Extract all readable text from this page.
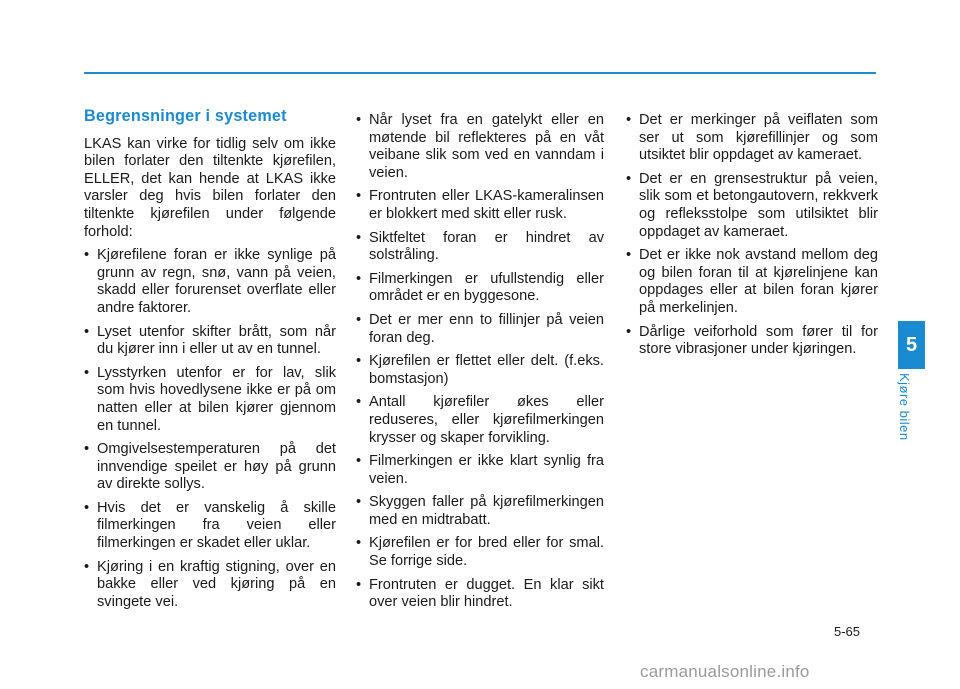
Begrensninger i systemet

LKAS kan virke for tidlig selv om ikke bilen forlater den tiltenkte kjørefilen, ELLER, det kan hende at LKAS ikke varsler deg hvis bilen forlater den tiltenkte kjørefilen under følgende forhold:

• Kjørefilene foran er ikke synlige på grunn av regn, snø, vann på veien, skadd eller forurenset overflate eller andre faktorer.
• Lyset utenfor skifter brått, som når du kjører inn i eller ut av en tunnel.
• Lysstyrken utenfor er for lav, slik som hvis hovedlysene ikke er på om natten eller at bilen kjører gjennom en tunnel.
• Omgivelsestemperaturen på det innvendige speilet er høy på grunn av direkte sollys.
• Hvis det er vanskelig å skille filmerkingen fra veien eller filmerkingen er skadet eller uklar.
• Kjøring i en kraftig stigning, over en bakke eller ved kjøring på en svingete vei.
• Når lyset fra en gatelykt eller en møtende bil reflekteres på en våt veibane slik som ved en vanndam i veien.
• Frontruten eller LKAS-kameralinsen er blokkert med skitt eller rusk.
• Siktfeltet foran er hindret av solstråling.
• Filmerkingen er ufullstendig eller området er en byggesone.
• Det er mer enn to fillinjer på veien foran deg.
• Kjørefilen er flettet eller delt. (f.eks. bomstasjon)
• Antall kjørefiler økes eller reduseres, eller kjørefilmerkingen krysser og skaper forvikling.
• Filmerkingen er ikke klart synlig fra veien.
• Skyggen faller på kjørefilmerkingen med en midtrabatt.
• Kjørefilen er for bred eller for smal. Se forrige side.
• Frontruten er dugget. En klar sikt over veien blir hindret.
• Det er merkinger på veiflaten som ser ut som kjørefillinjer og som utsiktet blir oppdaget av kameraet.
• Det er en grensestruktur på veien, slik som et betongautovern, rekkverk og refleksstolpe som utilsiktet blir oppdaget av kameraet.
• Det er ikke nok avstand mellom deg og bilen foran til at kjørelinjene kan oppdages eller at bilen foran kjører på merkelinjen.
• Dårlige veiforhold som fører til for store vibrasjoner under kjøringen.	5
Kjøre bilen
5-65
carmanualsonline.info
